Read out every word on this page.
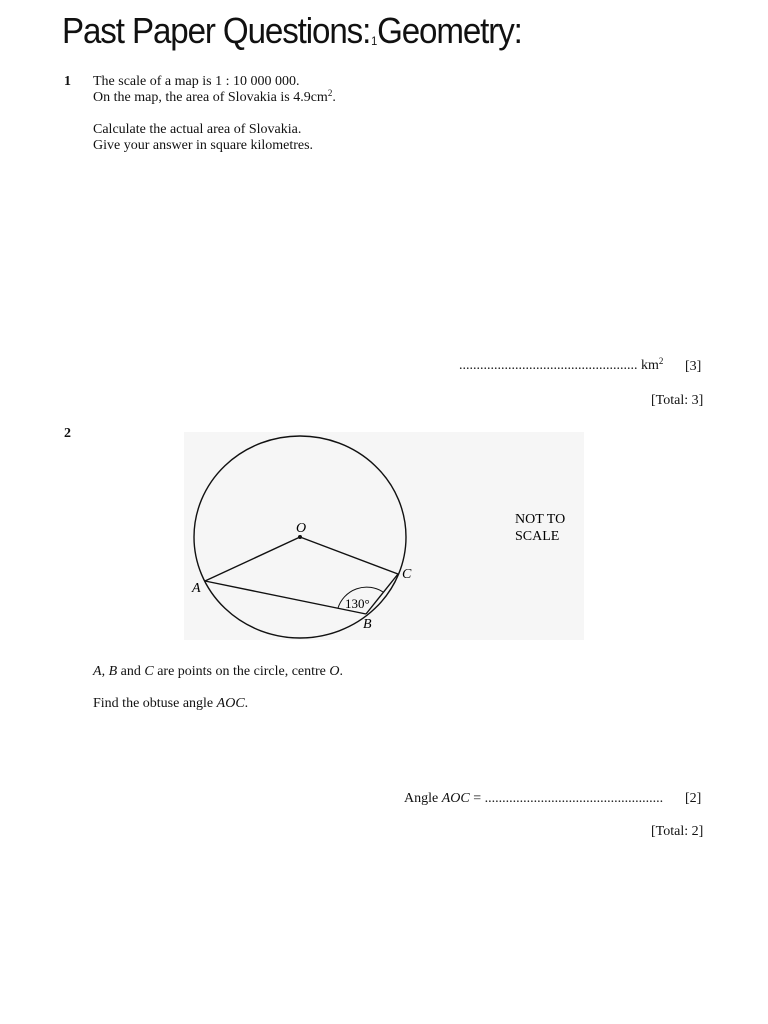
Past Paper Questions:1Geometry:
1 The scale of a map is 1 : 10 000 000.
On the map, the area of Slovakia is $4.9cm^2$.
Calculate the actual area of Slovakia.
Give your answer in square kilometres.
................................................... $km^2$ [3]
[Total: 3]
2
O
A
B
C
130°
NOT TO
SCALE
A, B and C are points on the circle, centre O.
Find the obtuse angle AOC.
Angle AOC = ................................................... [2]
[Total: 2]
